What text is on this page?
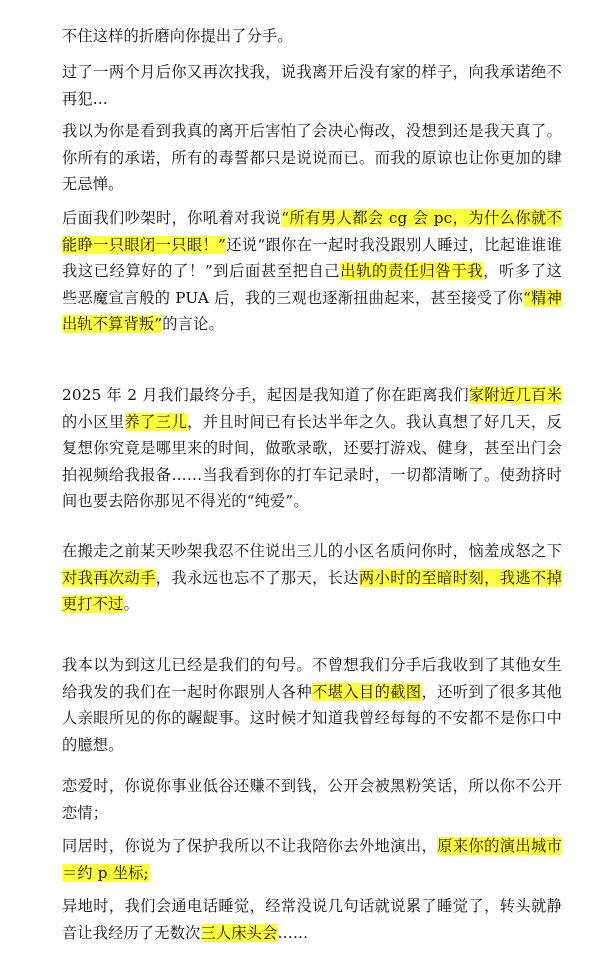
不住这样的折磨向你提出了分手。

过了一两个月后你又再次找我，说我离开后没有家的样子，向我承诺绝不再犯...

我以为你是看到我真的离开后害怕了会决心悔改，没想到还是我天真了。你所有的承诺，所有的毒誓都只是说说而已。而我的原谅也让你更加的肆无忌惮。

后面我们吵架时，你吼着对我说“所有男人都会 cg 会 pc，为什么你就不能睁一只眼闭一只眼！”还说“跟你在一起时我没跟别人睡过，比起谁谁谁我这已经算好的了！”到后面甚至把自己出轨的责任归咎于我，听多了这些恶魔宣言般的 PUA 后，我的三观也逐渐扭曲起来，甚至接受了你“精神出轨不算背叛”的言论。

2025 年 2 月我们最终分手，起因是我知道了你在距离我们家附近几百米的小区里养了三儿，并且时间已有长达半年之久。我认真想了好几天，反复想你究竟是哪里来的时间，做歌录歌，还要打游戏、健身，甚至出门会拍视频给我报备……当我看到你的打车记录时，一切都清晰了。使劲挤时间也要去陪你那见不得光的“纯爱”。

在搬走之前某天吵架我忍不住说出三儿的小区名质问你时，恼羞成怒之下对我再次动手，我永远也忘不了那天，长达两小时的至暗时刻，我逃不掉更打不过。

我本以为到这儿已经是我们的句号。不曾想我们分手后我收到了其他女生给我发的我们在一起时你跟别人各种不堪入目的截图，还听到了很多其他人亲眼所见的你的龌龊事。这时候才知道我曾经每每的不安都不是你口中的臆想。

恋爱时，你说你事业低谷还赚不到钱，公开会被黑粉笑话，所以你不公开恋情；

同居时，你说为了保护我所以不让我陪你去外地演出，原来你的演出城市＝约 p 坐标;

异地时，我们会通电话睡觉，经常没说几句话就说累了睡觉了，转头就静音让我经历了无数次三人床头会……
